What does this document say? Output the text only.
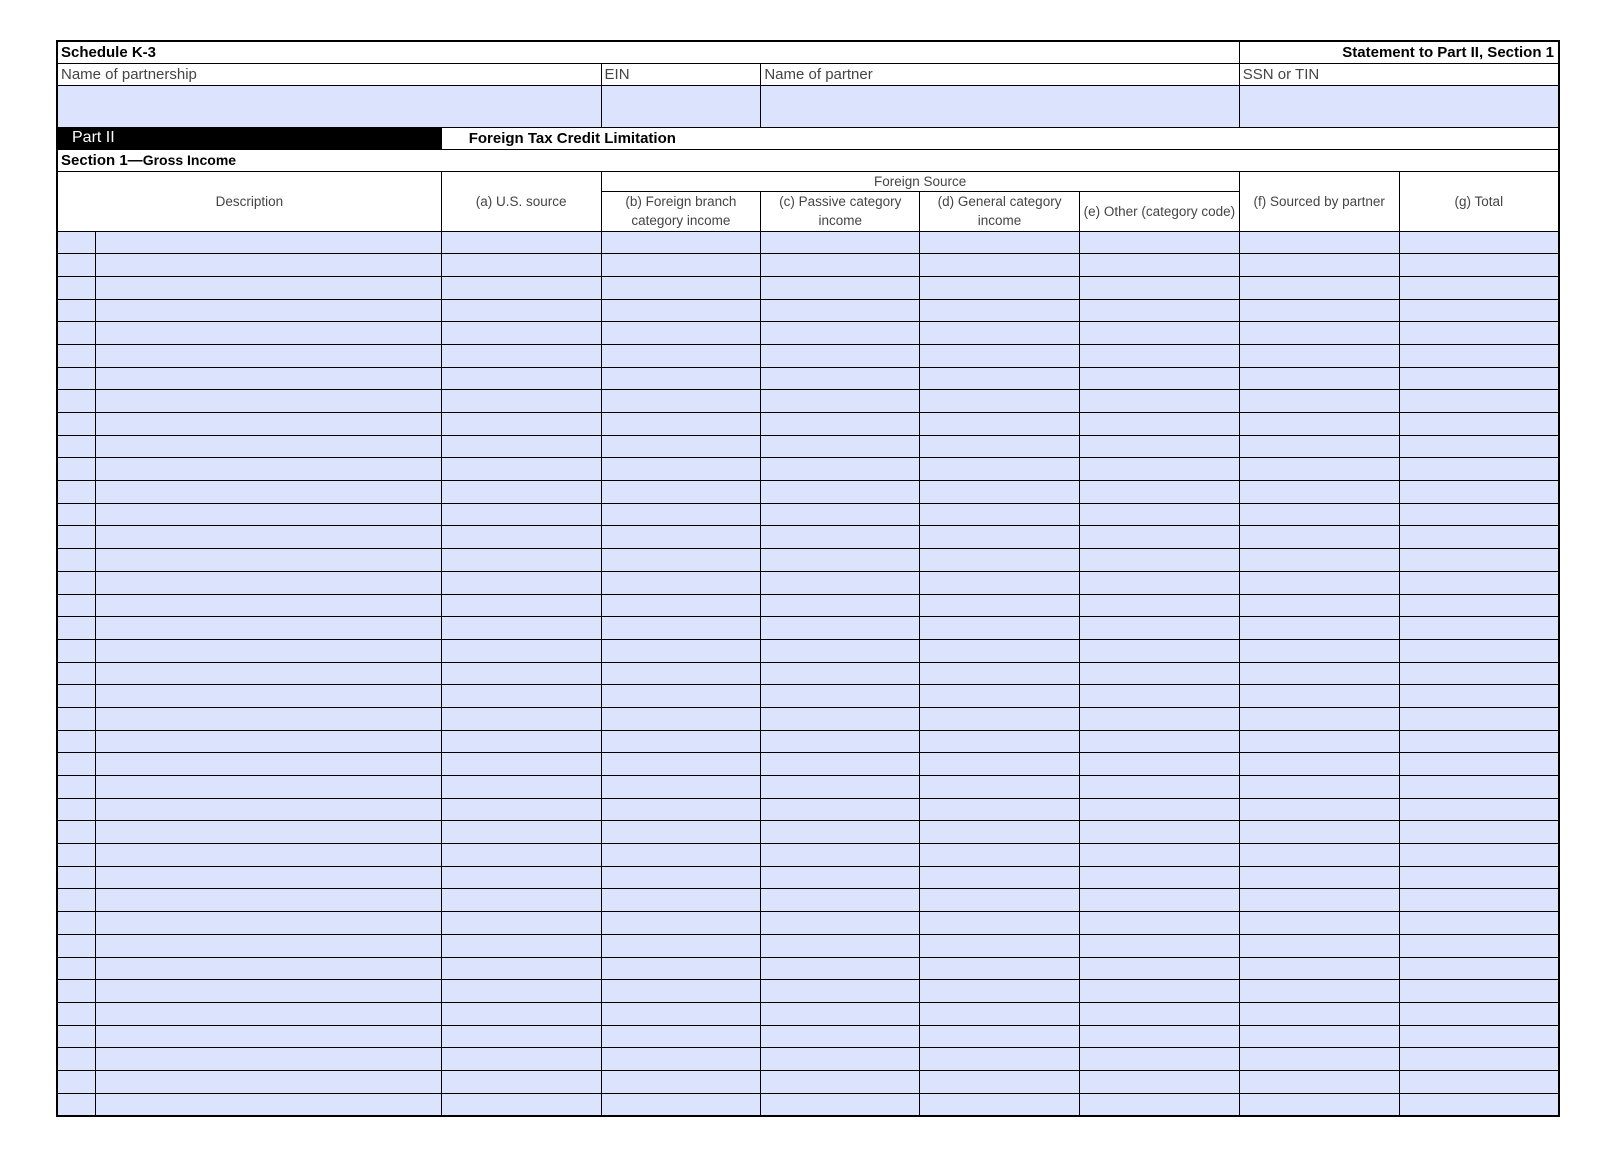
Schedule K-3							Statement to Part II, Section 1	
Name of partnership			EIN	Name of partner			SSN or TIN	

Part II		Foreign Tax Credit Limitation						
Section 1—Gross Income								
Description		(a) U.S. source	Foreign Source				(f) Sourced by partner	(g) Total
			(b) Foreign branch category income	(c) Passive category income	(d) General category income	(e) Other (category code)		
